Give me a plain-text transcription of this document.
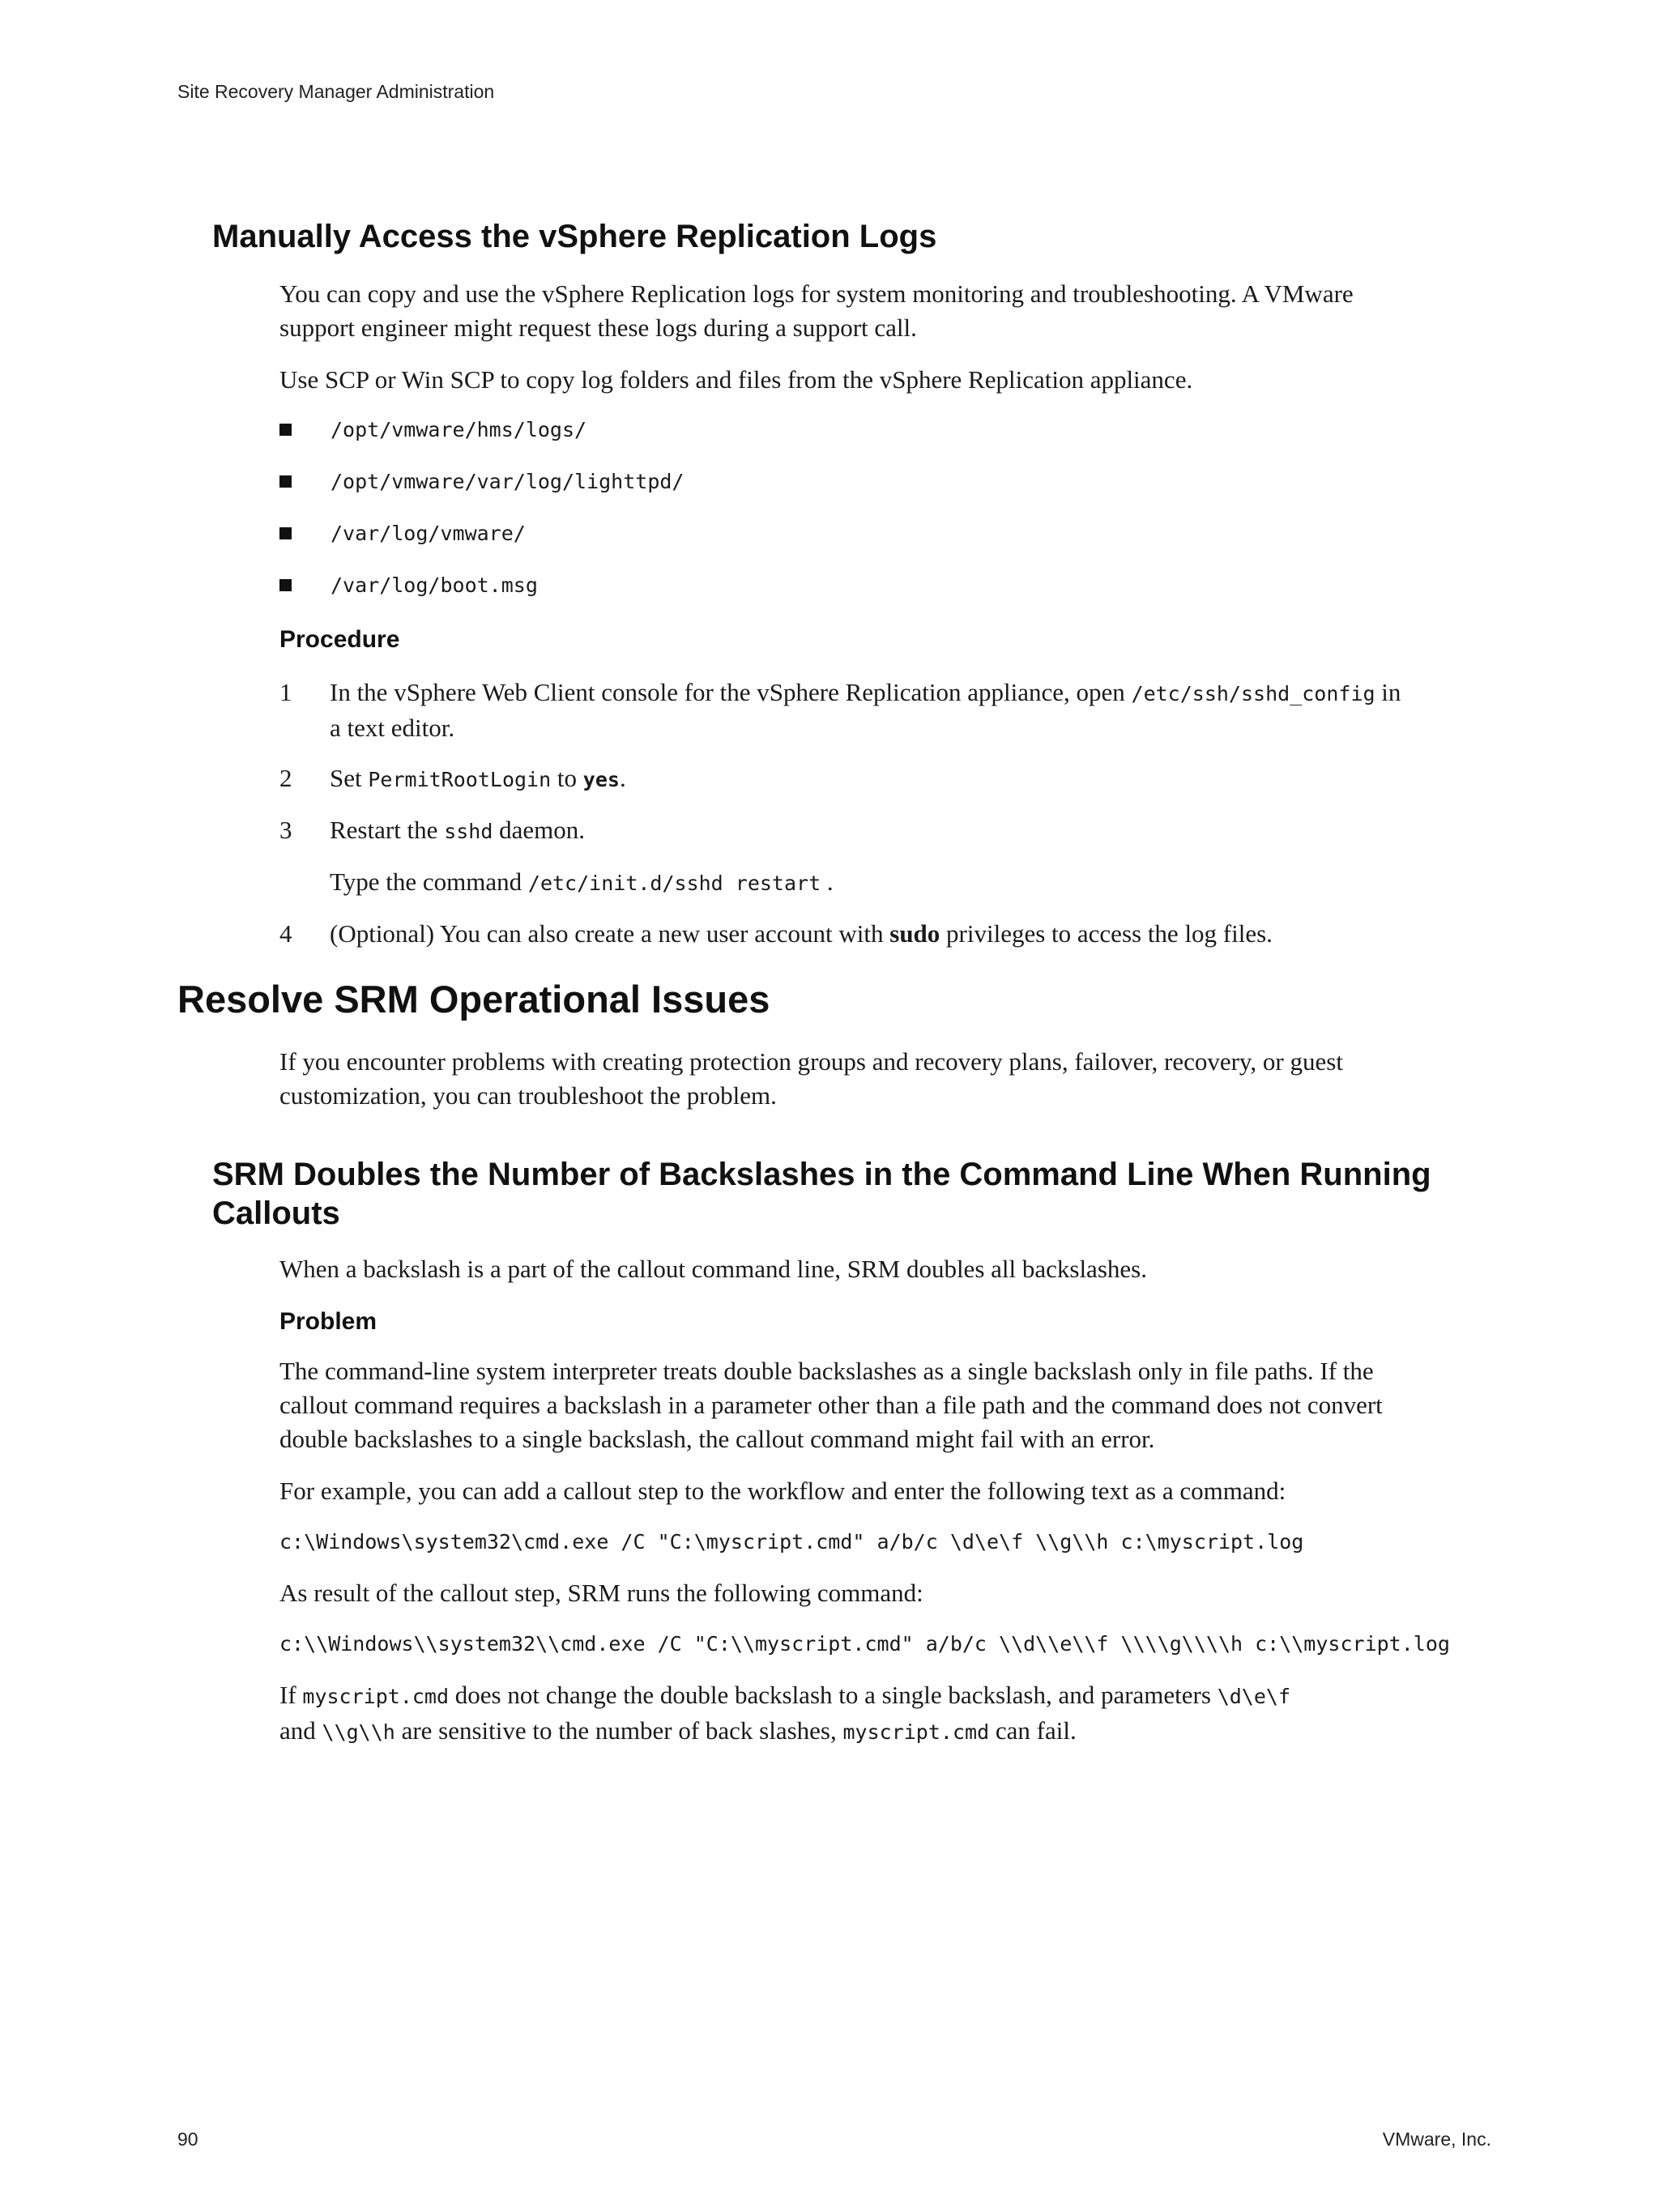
Site Recovery Manager Administration
Manually Access the vSphere Replication Logs

You can copy and use the vSphere Replication logs for system monitoring and troubleshooting. A VMware

support engineer might request these logs during a support call.

Use SCP or Win SCP to copy log folders and files from the vSphere Replication appliance.

/opt/vmware/hms/logs/
/opt/vmware/var/log/lighttpd/
/var/log/vmware/
/var/log/boot.msg
Procedure
1	In the vSphere Web Client console for the vSphere Replication appliance, open /etc/ssh/sshd_config in
a text editor.
2	Set PermitRootLogin to yes.
3	Restart the sshd daemon.
Type the command /etc/init.d/sshd restart .
4	(Optional) You can also create a new user account with sudo privileges to access the log files.
Resolve SRM Operational Issues

If you encounter problems with creating protection groups and recovery plans, failover, recovery, or guest

customization, you can troubleshoot the problem.

SRM Doubles the Number of Backslashes in the Command Line When Running
Callouts

When a backslash is a part of the callout command line, SRM doubles all backslashes.

Problem

The command-line system interpreter treats double backslashes as a single backslash only in file paths. If the

callout command requires a backslash in a parameter other than a file path and the command does not convert

double backslashes to a single backslash, the callout command might fail with an error.

For example, you can add a callout step to the workflow and enter the following text as a command:

c:\Windows\system32\cmd.exe /C "C:\myscript.cmd" a/b/c \d\e\f \\g\\h c:\myscript.log

As result of the callout step, SRM runs the following command:

c:\\Windows\\system32\\cmd.exe /C "C:\\myscript.cmd" a/b/c \\d\\e\\f \\\\g\\\\h c:\\myscript.log

If myscript.cmd does not change the double backslash to a single backslash, and parameters \d\e\f
and \\g\\h are sensitive to the number of back slashes, myscript.cmd can fail.

90	VMware, Inc.
